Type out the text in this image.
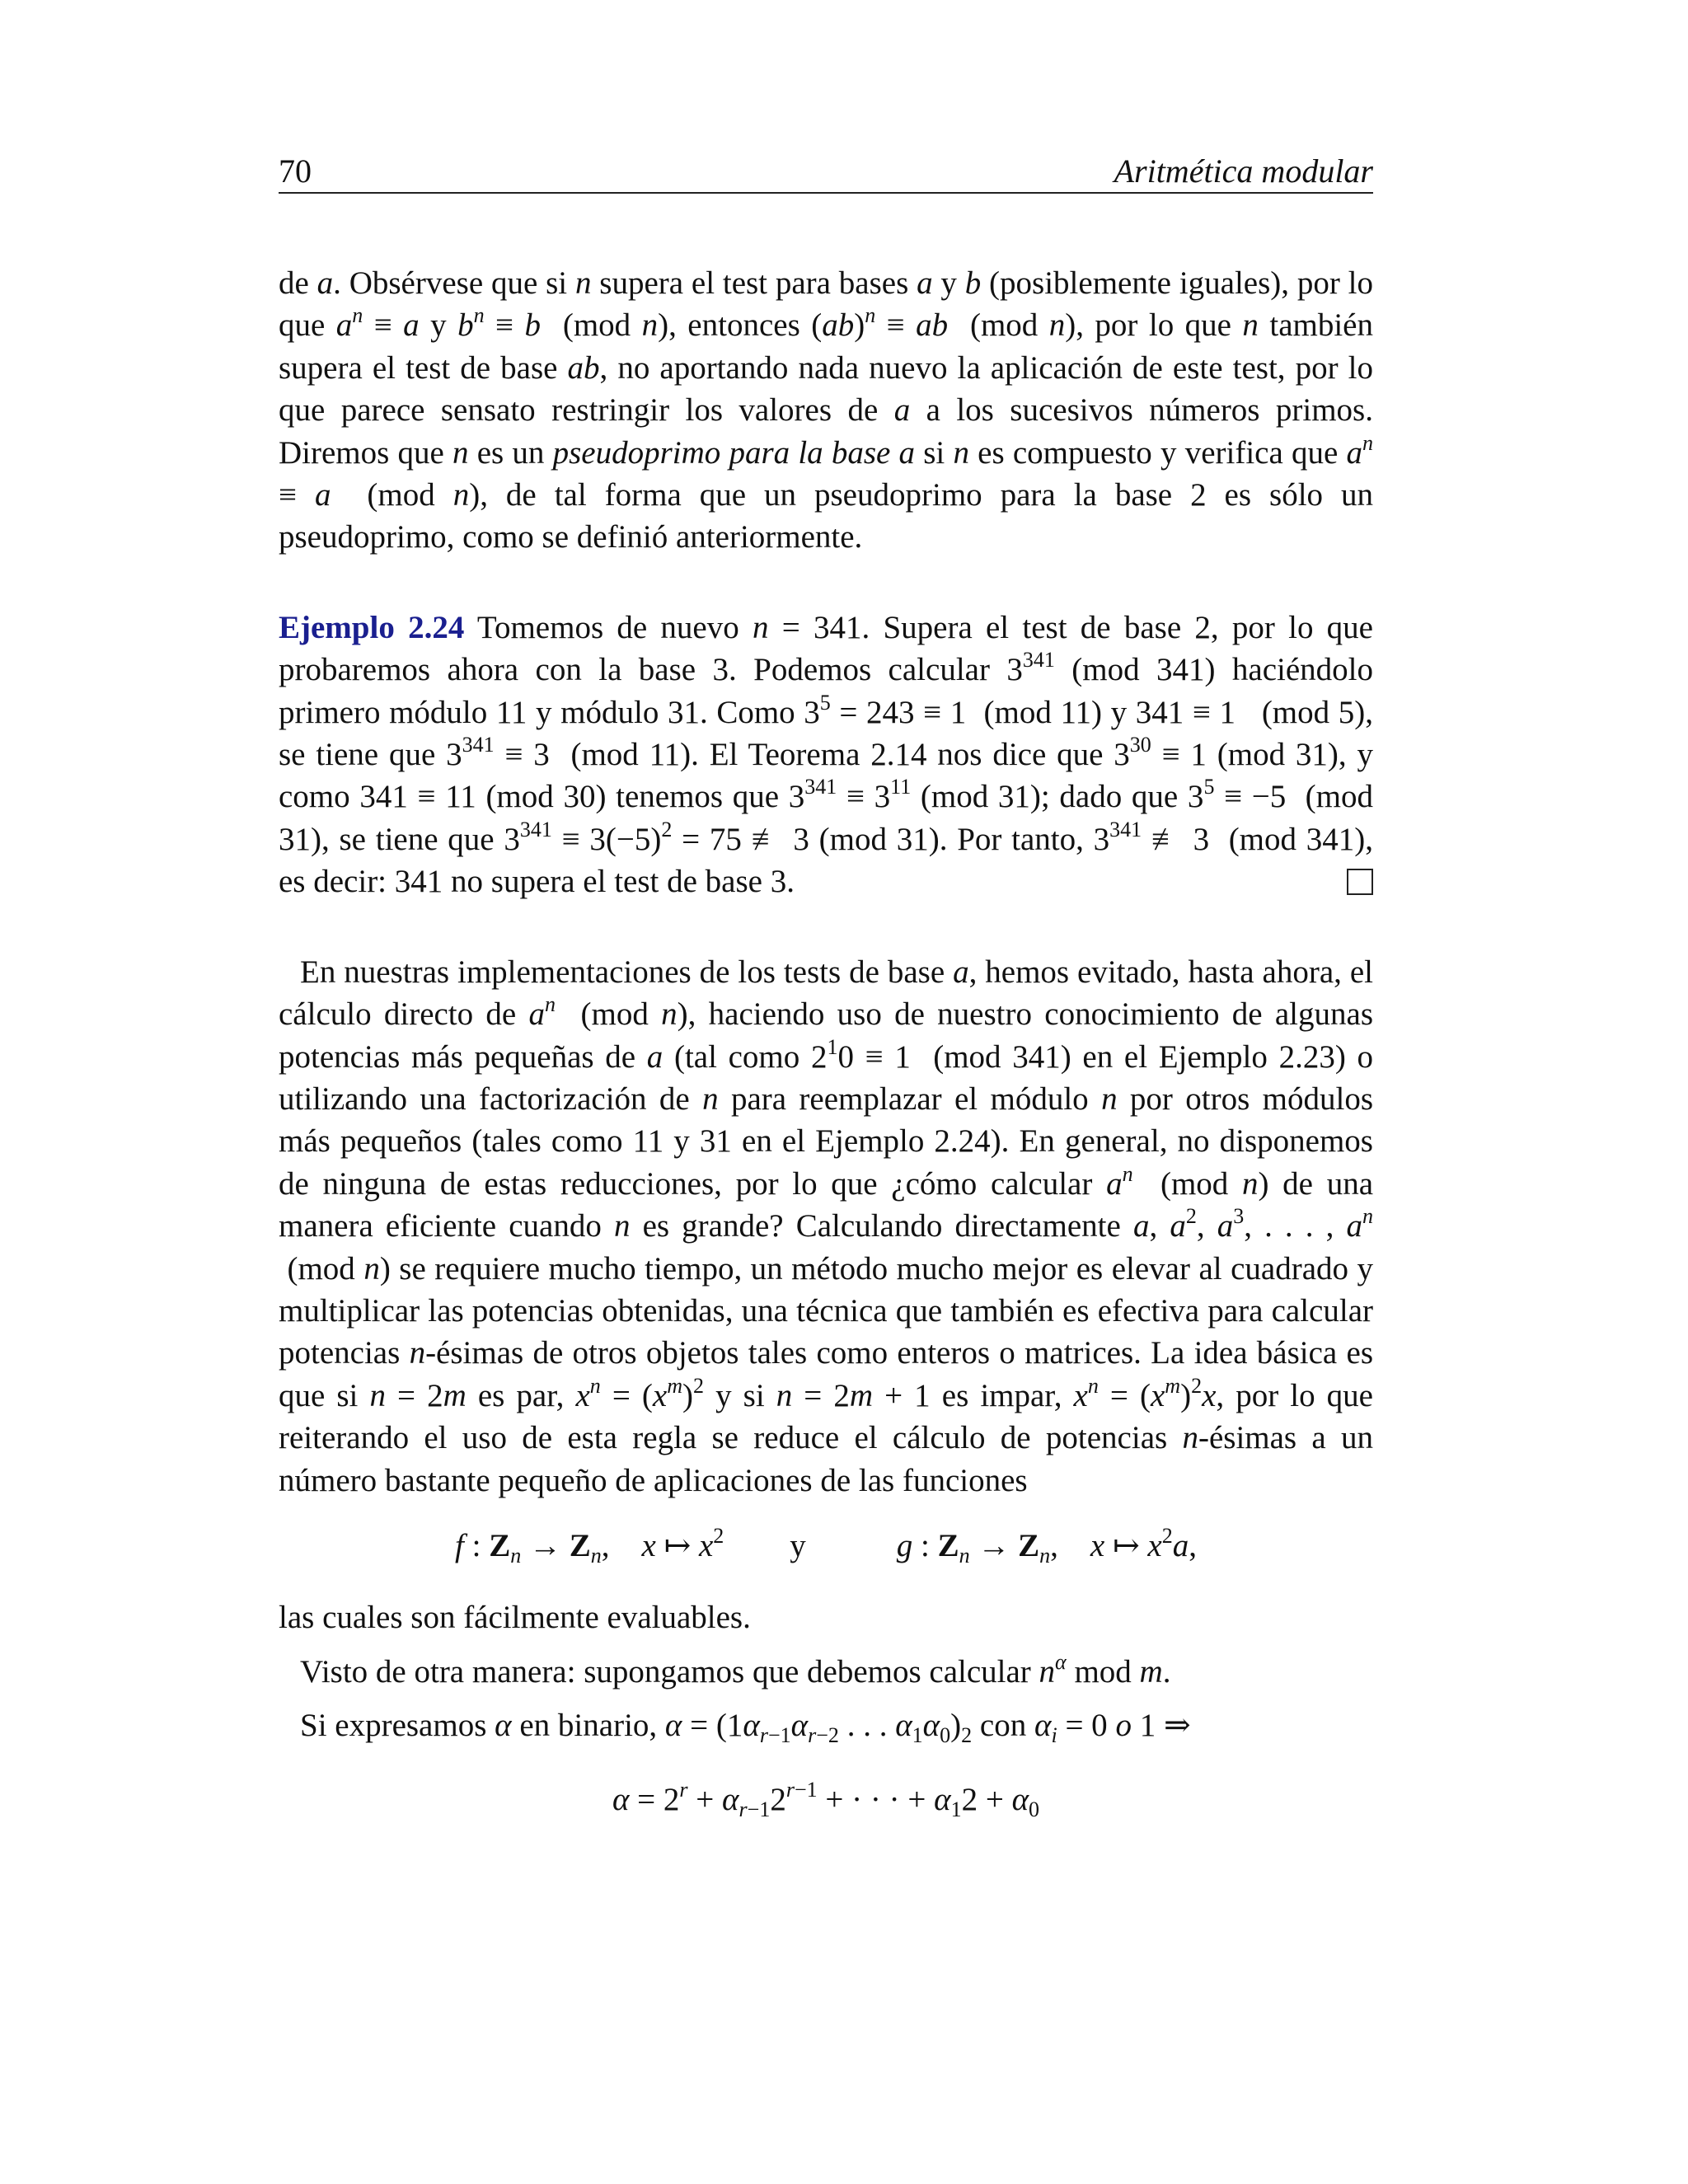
70	Aritmética modular

de a. Obsérvese que si n supera el test para bases a y b (posiblemente iguales), por lo que $a^n \equiv a$ y $b^n \equiv b$  (mod n), entonces (ab)$^n$ ≡ ab  (mod n), por lo que n también supera el test de base ab, no aportando nada nuevo la aplicación de este test, por lo que parece sensato restringir los valores de a a los sucesivos números primos. Diremos que n es un pseudoprimo para la base a si n es compuesto y verifica que $a^n \equiv a$  (mod n), de tal forma que un pseudoprimo para la base 2 es sólo un pseudoprimo, como se definió anteriormente.

Ejemplo 2.24 Tomemos de nuevo n = 341. Supera el test de base 2, por lo que probaremos ahora con la base 3. Podemos calcular $3^{341}$ (mod 341) haciéndolo primero módulo 11 y módulo 31. Como $3^5 = 243 \equiv 1$  (mod 11) y 341 ≡ 1   (mod 5), se tiene que $3^{341} \equiv 3$  (mod 11). El Teorema 2.14 nos dice que $3^{30} \equiv 1$ (mod 31), y como 341 ≡ 11 (mod 30) tenemos que $3^{341} \equiv 3^{11}$ (mod 31); dado que $3^5 \equiv -5$  (mod 31), se tiene que $3^{341} \equiv 3(-5)^2 = 75$ ≢ 3 (mod 31). Por tanto, $3^{341}$ ≢ 3  (mod 341), es decir: 341 no supera el test de base 3.

En nuestras implementaciones de los tests de base a, hemos evitado, hasta ahora, el cálculo directo de $a^n$  (mod n), haciendo uso de nuestro conocimiento de algunas potencias más pequeñas de a (tal como $2^10 \equiv 1$  (mod 341) en el Ejemplo 2.23) o utilizando una factorización de n para reemplazar el módulo n por otros módulos más pequeños (tales como 11 y 31 en el Ejemplo 2.24). En general, no disponemos de ninguna de estas reducciones, por lo que ¿cómo calcular $a^n$  (mod n) de una manera eficiente cuando n es grande? Calculando directamente a, $a^2$, $a^3$, . . . , $a^n$  (mod n) se requiere mucho tiempo, un método mucho mejor es elevar al cuadrado y multiplicar las potencias obtenidas, una técnica que también es efectiva para calcular potencias n-ésimas de otros objetos tales como enteros o matrices. La idea básica es que si n = 2m es par, $x^n = (x^m)^2$ y si n = 2m + 1 es impar, $x^n = (x^m)^2x$, por lo que reiterando el uso de esta regla se reduce el cálculo de potencias n-ésimas a un número bastante pequeño de aplicaciones de las funciones

f : $Z_n \to Z_n$,    x ↦ $x^2$ y	g : $Z_n \to Z_n$,    x ↦ $x^2a$,

las cuales son fácilmente evaluables.

Visto de otra manera: supongamos que debemos calcular $n^\alpha$ mod m.

Si expresamos α en binario, $\alpha = (1\alpha_{r-1}\alpha_{r-2}$ . . . $\alpha_1\alpha_0)_2$ con $\alpha_i = 0$ o 1 ⇒

$\alpha = 2^r + \alpha_{r-1}2^{r-1}$ + · · · + $\alpha_12 + \alpha_0$
